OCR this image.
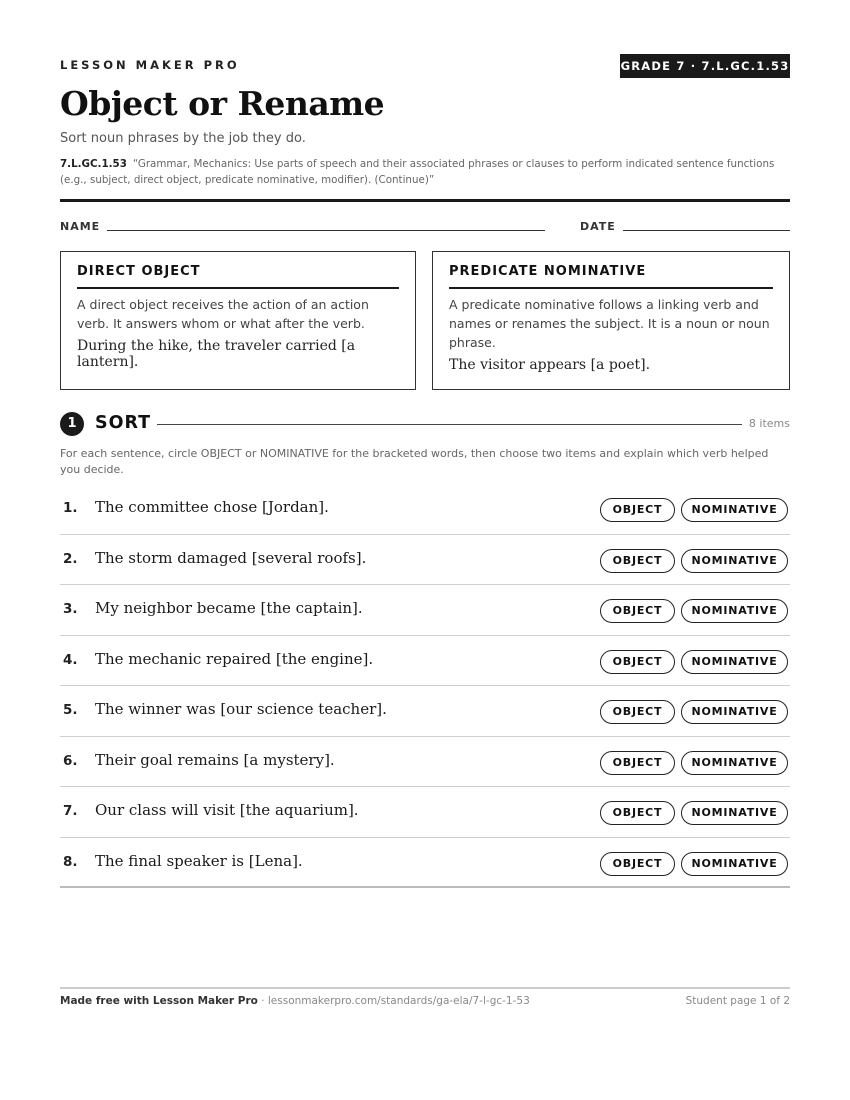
LESSON MAKER PRO	GRADE 7 · 7.L.GC.1.53
Object or Rename
Sort noun phrases by the job they do.
7.L.GC.1.53 “Grammar, Mechanics: Use parts of speech and their associated phrases or clauses to perform indicated sentence functions (e.g., subject, direct object, predicate nominative, modifier). (Continue)”
NAME	DATE
DIRECT OBJECT
A direct object receives the action of an action verb. It answers whom or what after the verb.
During the hike, the traveler carried [a lantern].
PREDICATE NOMINATIVE
A predicate nominative follows a linking verb and names or renames the subject. It is a noun or noun phrase.
The visitor appears [a poet].
1	SORT	8 items
For each sentence, circle OBJECT or NOMINATIVE for the bracketed words, then choose two items and explain which verb helped you decide.
1. The committee chose [Jordan].	OBJECT	NOMINATIVE
2. The storm damaged [several roofs].	OBJECT	NOMINATIVE
3. My neighbor became [the captain].	OBJECT	NOMINATIVE
4. The mechanic repaired [the engine].	OBJECT	NOMINATIVE
5. The winner was [our science teacher].	OBJECT	NOMINATIVE
6. Their goal remains [a mystery].	OBJECT	NOMINATIVE
7. Our class will visit [the aquarium].	OBJECT	NOMINATIVE
8. The final speaker is [Lena].	OBJECT	NOMINATIVE
Made free with Lesson Maker Pro · lessonmakerpro.com/standards/ga-ela/7-l-gc-1-53	Student page 1 of 2
